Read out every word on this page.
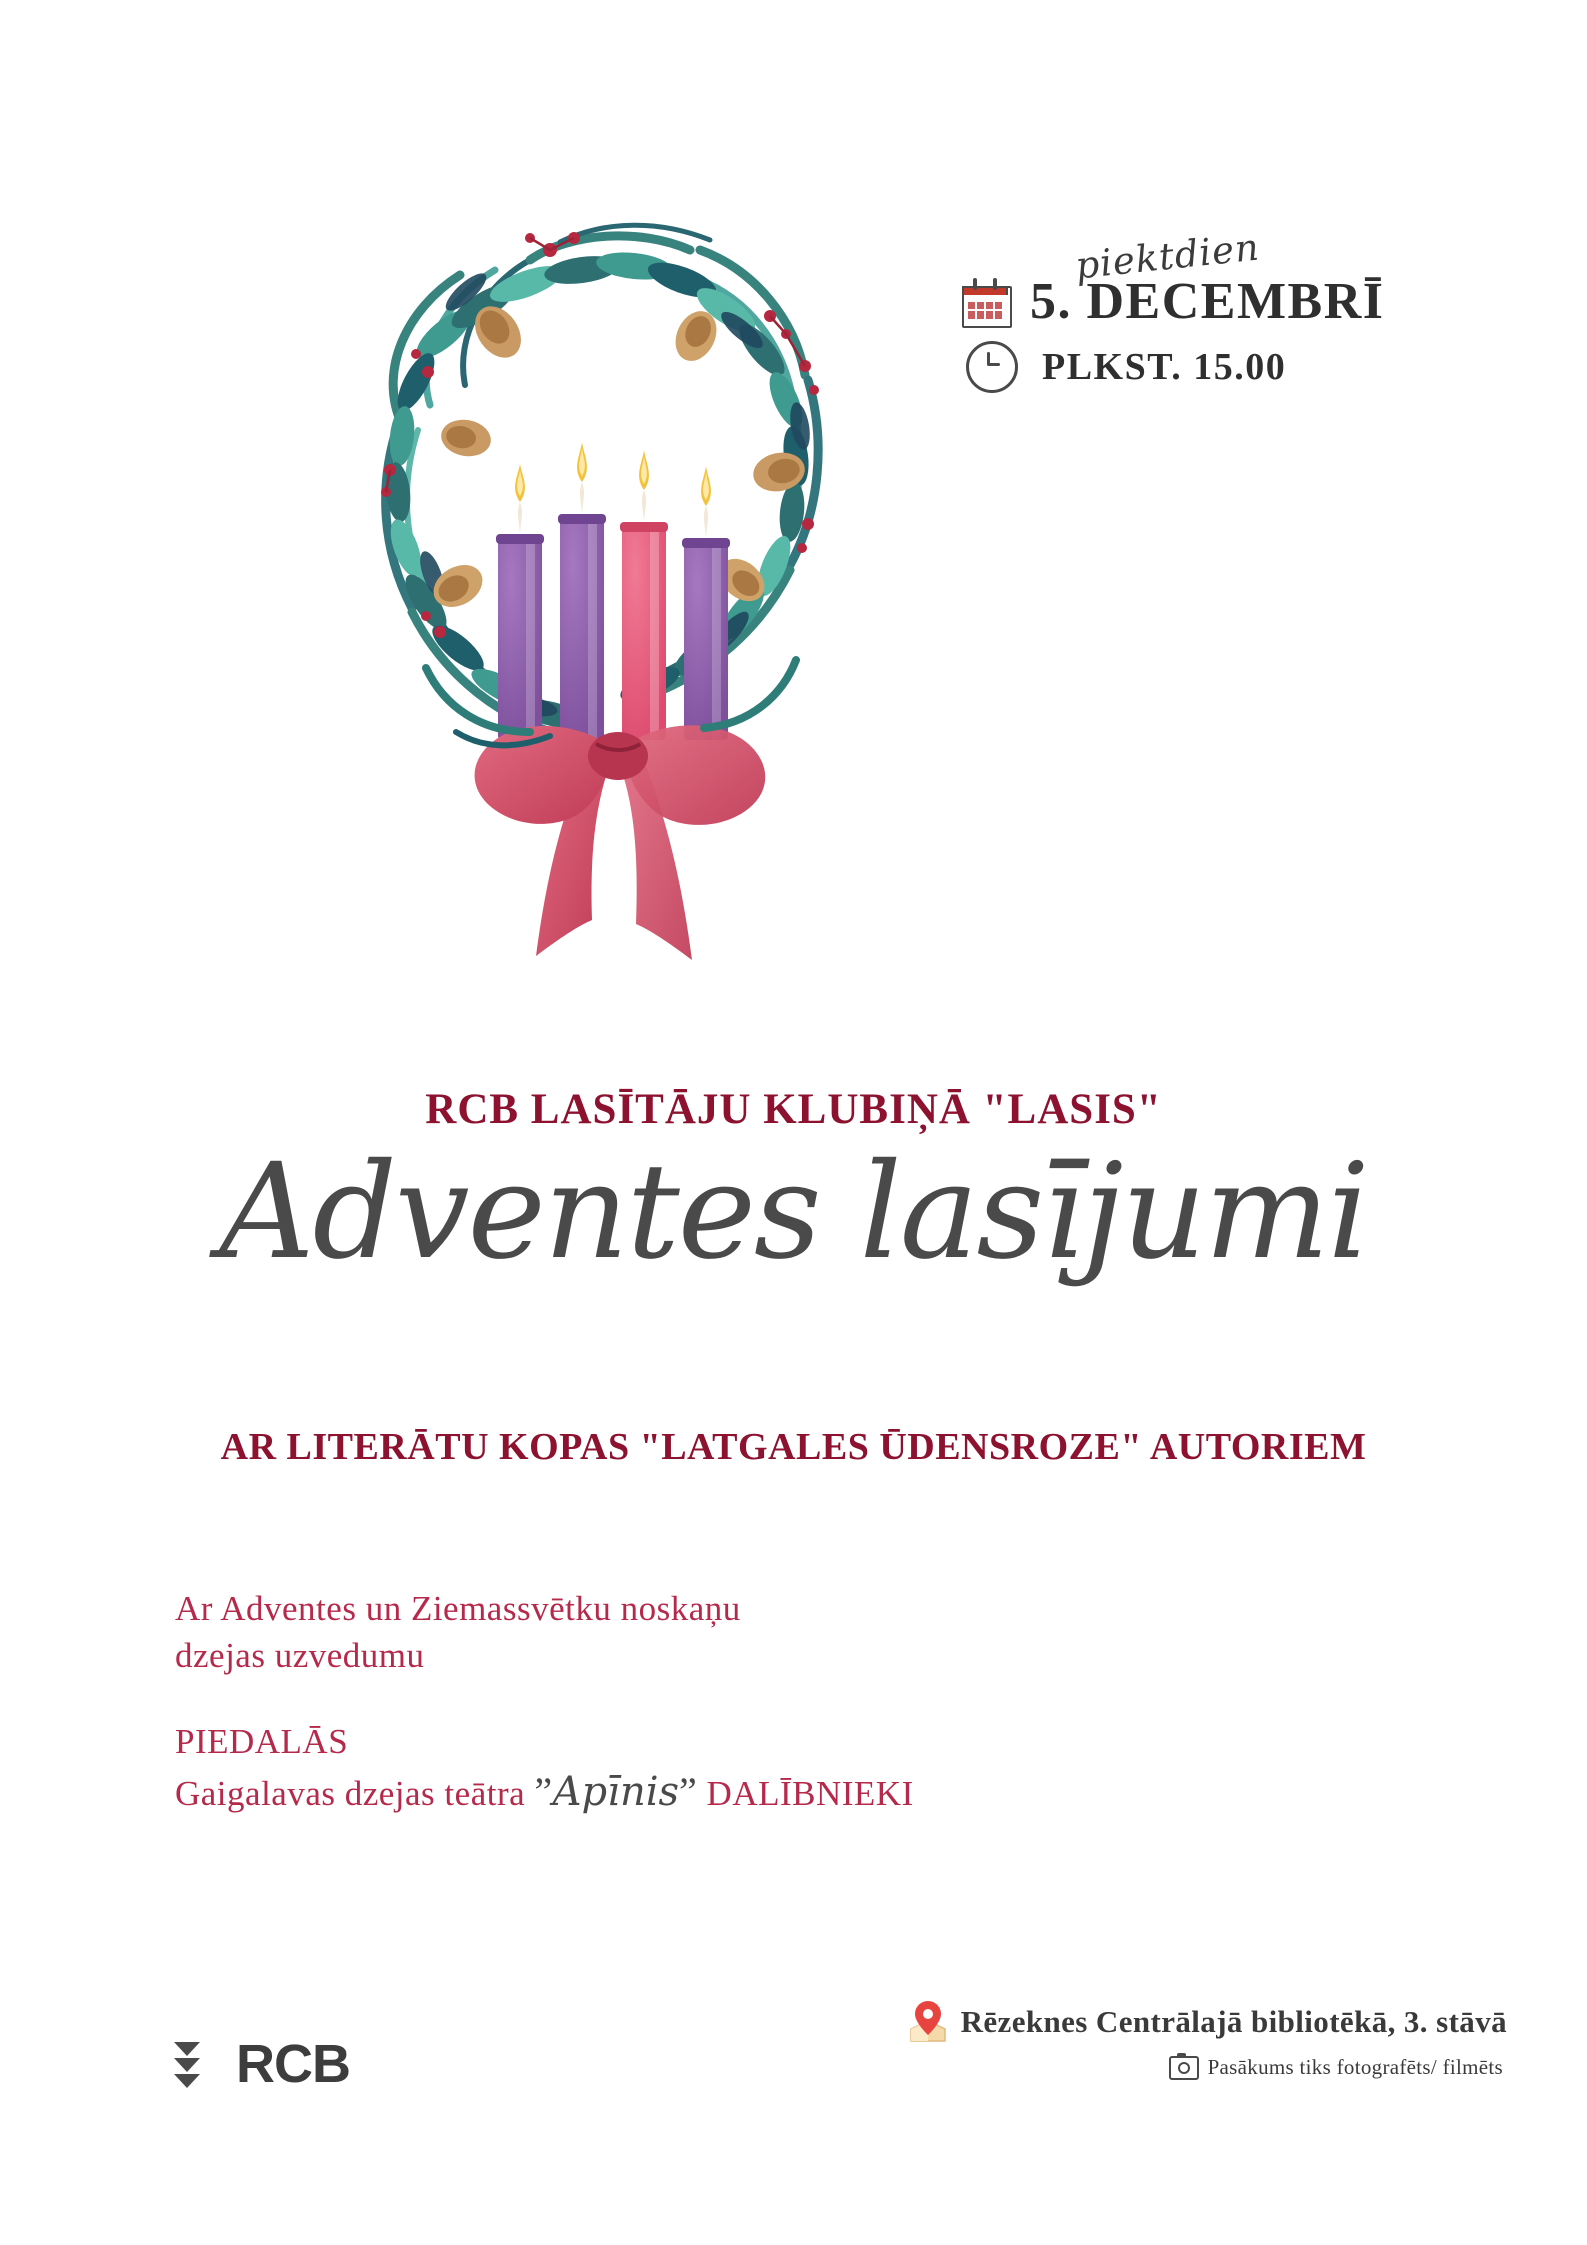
piektdien
5. DECEMBRĪ
PLKST. 15.00
RCB LASĪTĀJU KLUBIŅĀ "LASIS"
Adventes lasījumi
AR LITERĀTU KOPAS "LATGALES ŪDENSROZE" AUTORIEM
Ar Adventes un Ziemassvētku noskaņu
dzejas uzvedumu
PIEDALĀS
Gaigalavas dzejas teātra ”Apīnis” DALĪBNIEKI
Rēzeknes Centrālajā bibliotēkā, 3. stāvā
Pasākums tiks fotografēts/ filmēts
RCB
